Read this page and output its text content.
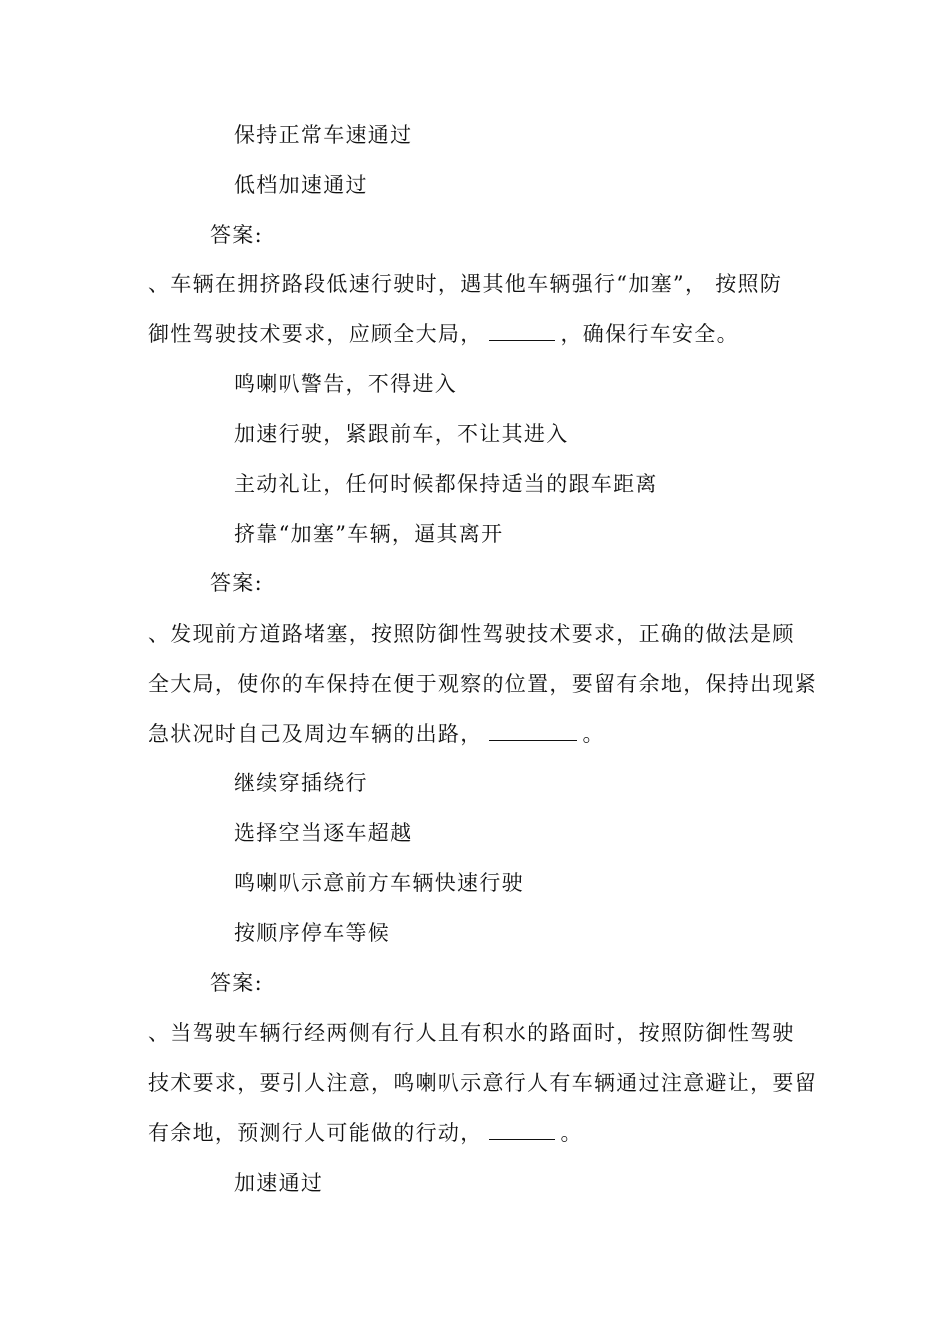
保持正常车速通过
低档加速通过
答案:
、车辆在拥挤路段低速行驶时，遇其他车辆强行“加塞”， 按照防
御性驾驶技术要求，应顾全大局，	，确保行车安全。
鸣喇叭警告，不得进入
加速行驶，紧跟前车，不让其进入
主动礼让，任何时候都保持适当的跟车距离
挤靠“加塞”车辆，逼其离开
答案:
、发现前方道路堵塞，按照防御性驾驶技术要求，正确的做法是顾
全大局，使你的车保持在便于观察的位置，要留有余地，保持出现紧
急状况时自己及周边车辆的出路，	。
继续穿插绕行
选择空当逐车超越
鸣喇叭示意前方车辆快速行驶
按顺序停车等候
答案:
、当驾驶车辆行经两侧有行人且有积水的路面时，按照防御性驾驶
技术要求，要引人注意，鸣喇叭示意行人有车辆通过注意避让，要留
有余地，预测行人可能做的行动，	。
加速通过
